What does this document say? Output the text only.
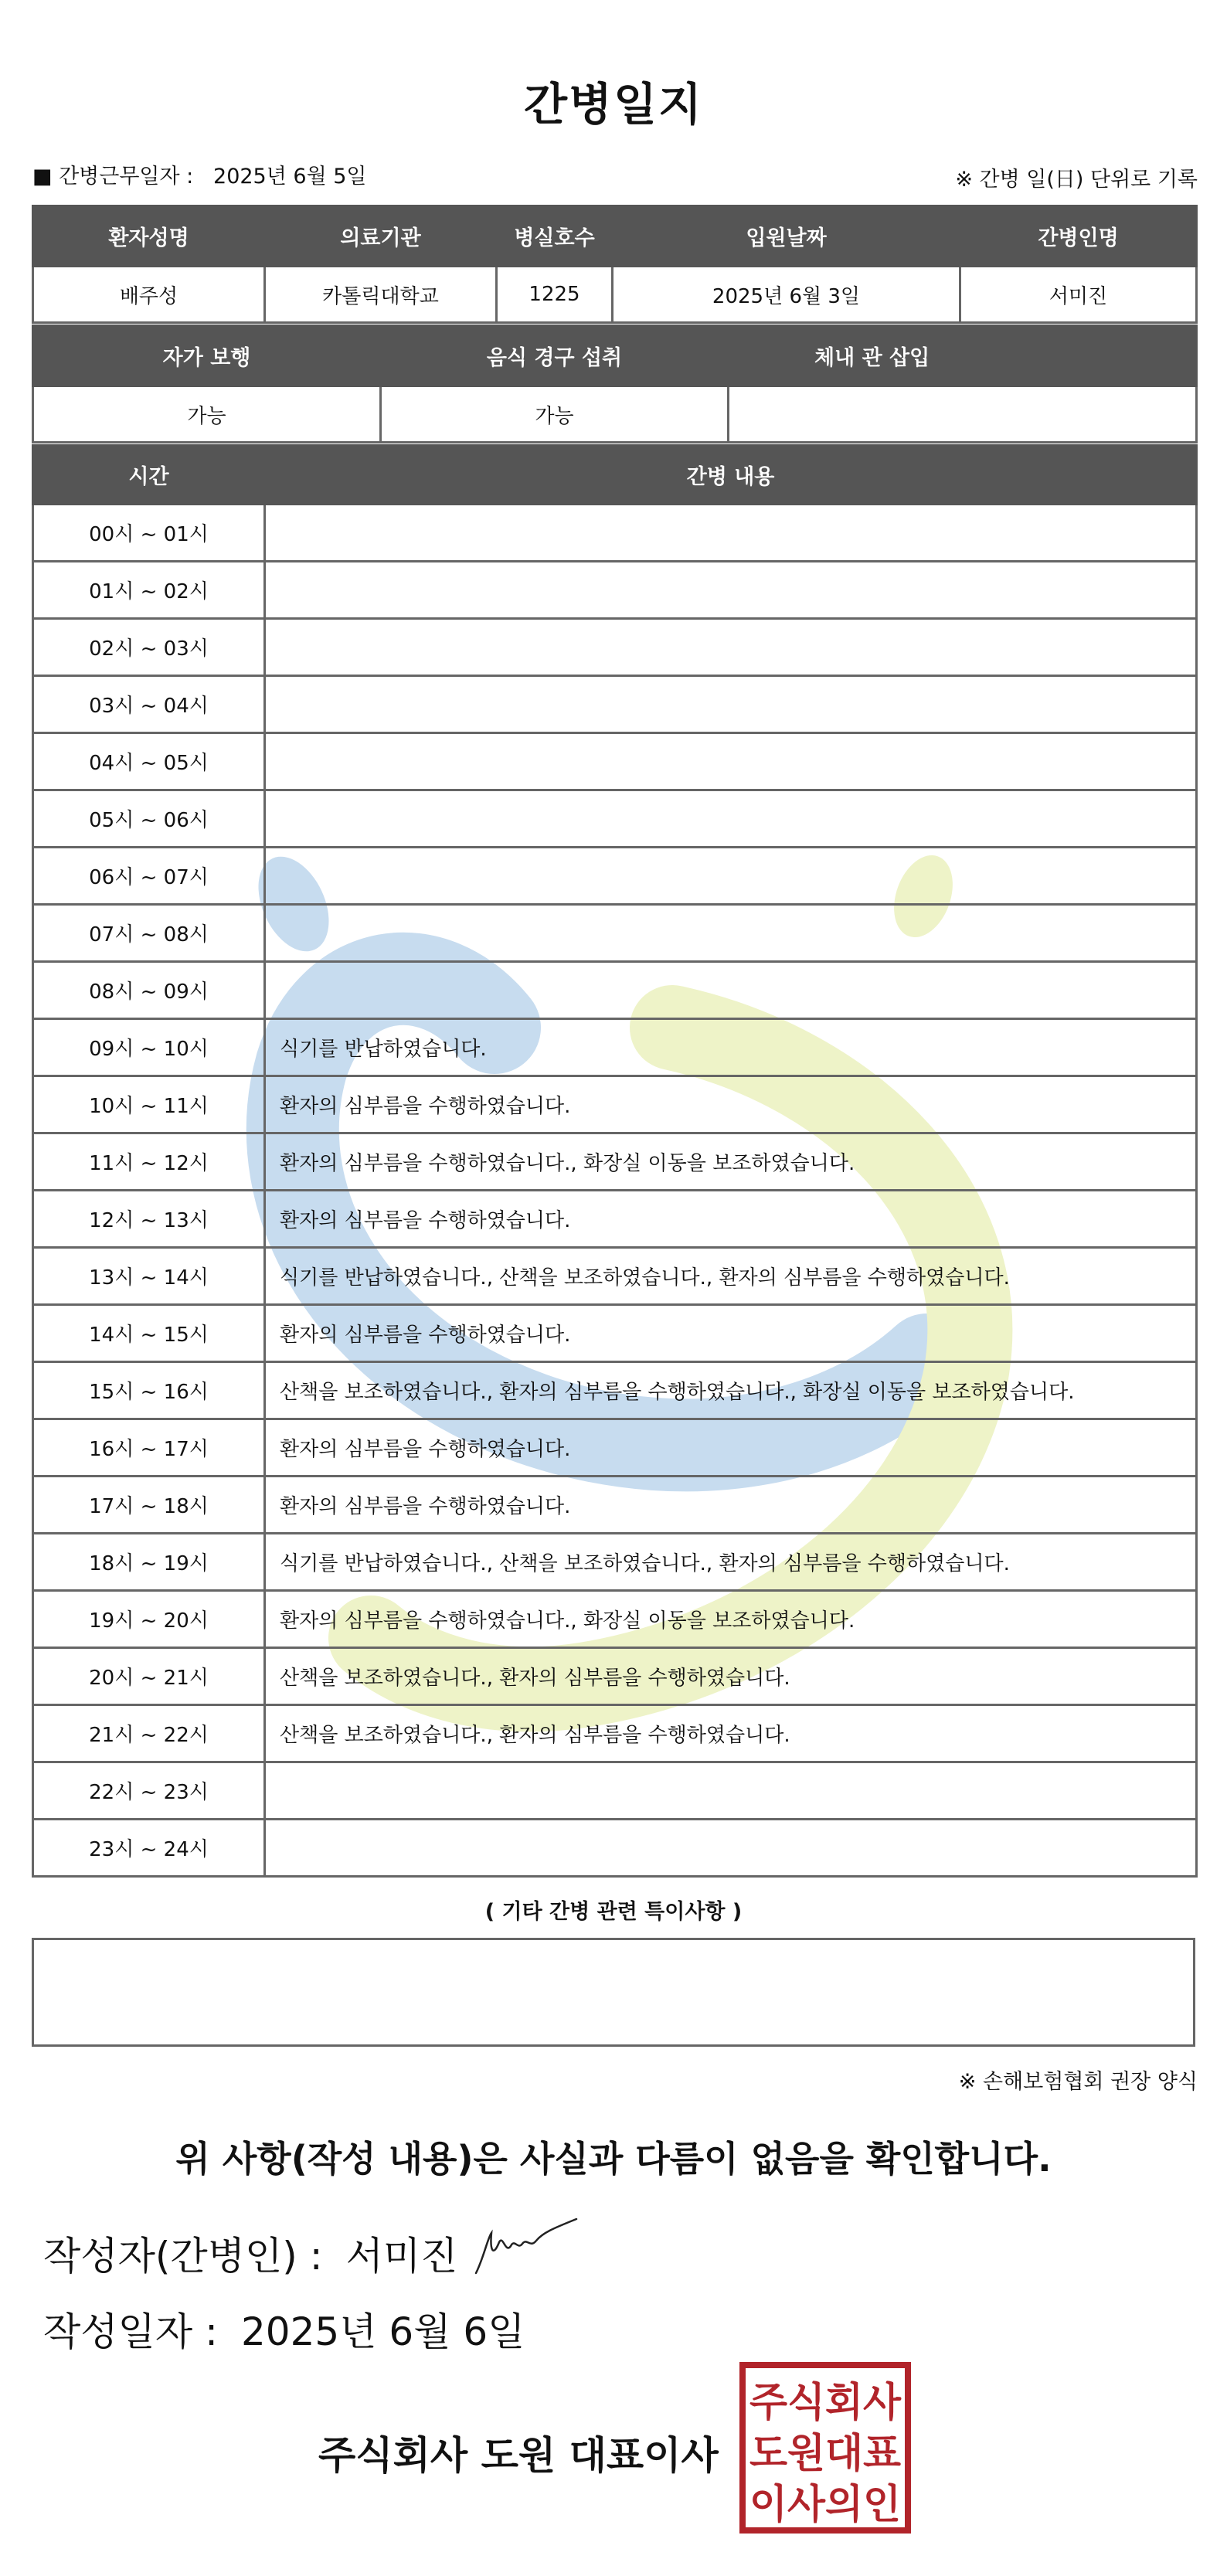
간병일지
■ 간병근무일자 : 2025년 6월 5일	※ 간병 일(日) 단위로 기록
환자성명	의료기관	병실호수	입원날짜	간병인명
배주성	카톨릭대학교	1225	2025년 6월 3일	서미진
자가 보행	음식 경구 섭취	체내 관 삽입
가능	가능	
시간	간병 내용
00시 ~ 01시	
01시 ~ 02시	
02시 ~ 03시	
03시 ~ 04시	
04시 ~ 05시	
05시 ~ 06시	
06시 ~ 07시	
07시 ~ 08시	
08시 ~ 09시	
09시 ~ 10시	식기를 반납하였습니다.
10시 ~ 11시	환자의 심부름을 수행하였습니다.
11시 ~ 12시	환자의 심부름을 수행하였습니다., 화장실 이동을 보조하였습니다.
12시 ~ 13시	환자의 심부름을 수행하였습니다.
13시 ~ 14시	식기를 반납하였습니다., 산책을 보조하였습니다., 환자의 심부름을 수행하였습니다.
14시 ~ 15시	환자의 심부름을 수행하였습니다.
15시 ~ 16시	산책을 보조하였습니다., 환자의 심부름을 수행하였습니다., 화장실 이동을 보조하였습니다.
16시 ~ 17시	환자의 심부름을 수행하였습니다.
17시 ~ 18시	환자의 심부름을 수행하였습니다.
18시 ~ 19시	식기를 반납하였습니다., 산책을 보조하였습니다., 환자의 심부름을 수행하였습니다.
19시 ~ 20시	환자의 심부름을 수행하였습니다., 화장실 이동을 보조하였습니다.
20시 ~ 21시	산책을 보조하였습니다., 환자의 심부름을 수행하였습니다.
21시 ~ 22시	산책을 보조하였습니다., 환자의 심부름을 수행하였습니다.
22시 ~ 23시	
23시 ~ 24시	
( 기타 간병 관련 특이사항 )
※ 손해보험협회 권장 양식
위 사항(작성 내용)은 사실과 다름이 없음을 확인합니다.
작성자(간병인) : 서미진
작성일자 : 2025년 6월 6일
주식회사 도원 대표이사
주식회사
도원대표
이사의인
